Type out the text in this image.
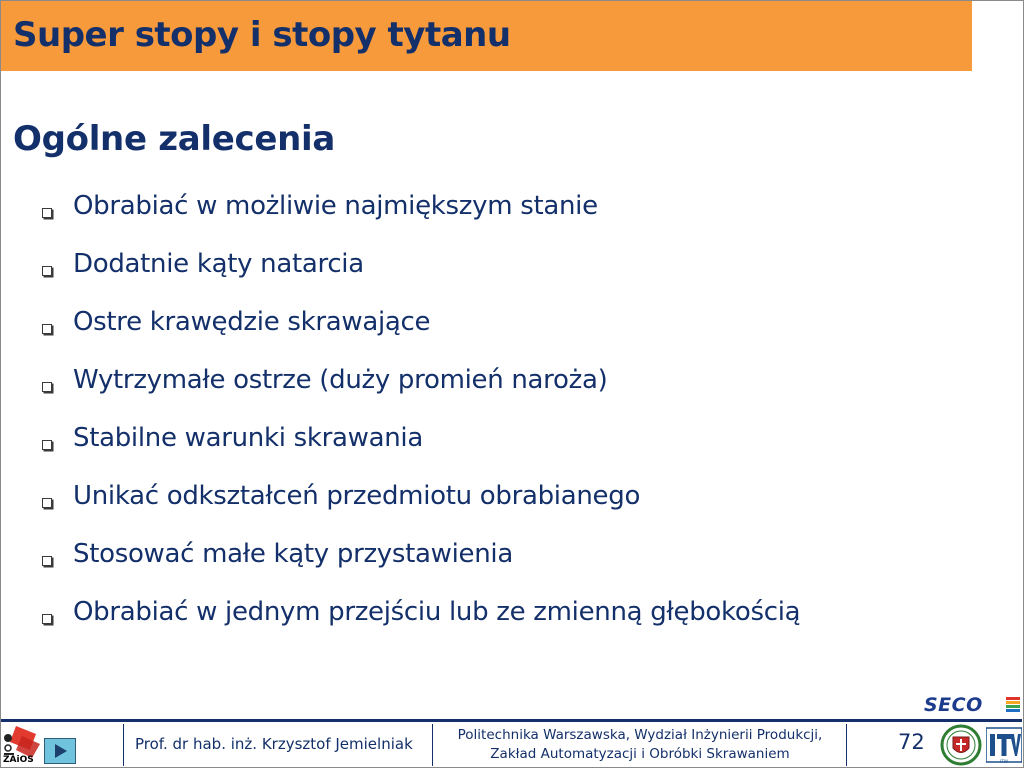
Super stopy i stopy tytanu
Ogólne zalecenia
Obrabiać w możliwie najmiększym stanie
Dodatnie kąty natarcia
Ostre krawędzie skrawające
Wytrzymałe ostrze (duży promień naroża)
Stabilne warunki skrawania
Unikać odkształceń przedmiotu obrabianego
Stosować małe kąty przystawienia
Obrabiać w jednym przejściu lub ze zmienną głębokością
SECO
ZAiOS
Prof. dr hab. inż. Krzysztof Jemielniak	Politechnika Warszawska, Wydział Inżynierii Produkcji,
Zakład Automatyzacji i Obróbki Skrawaniem	72
ITW
